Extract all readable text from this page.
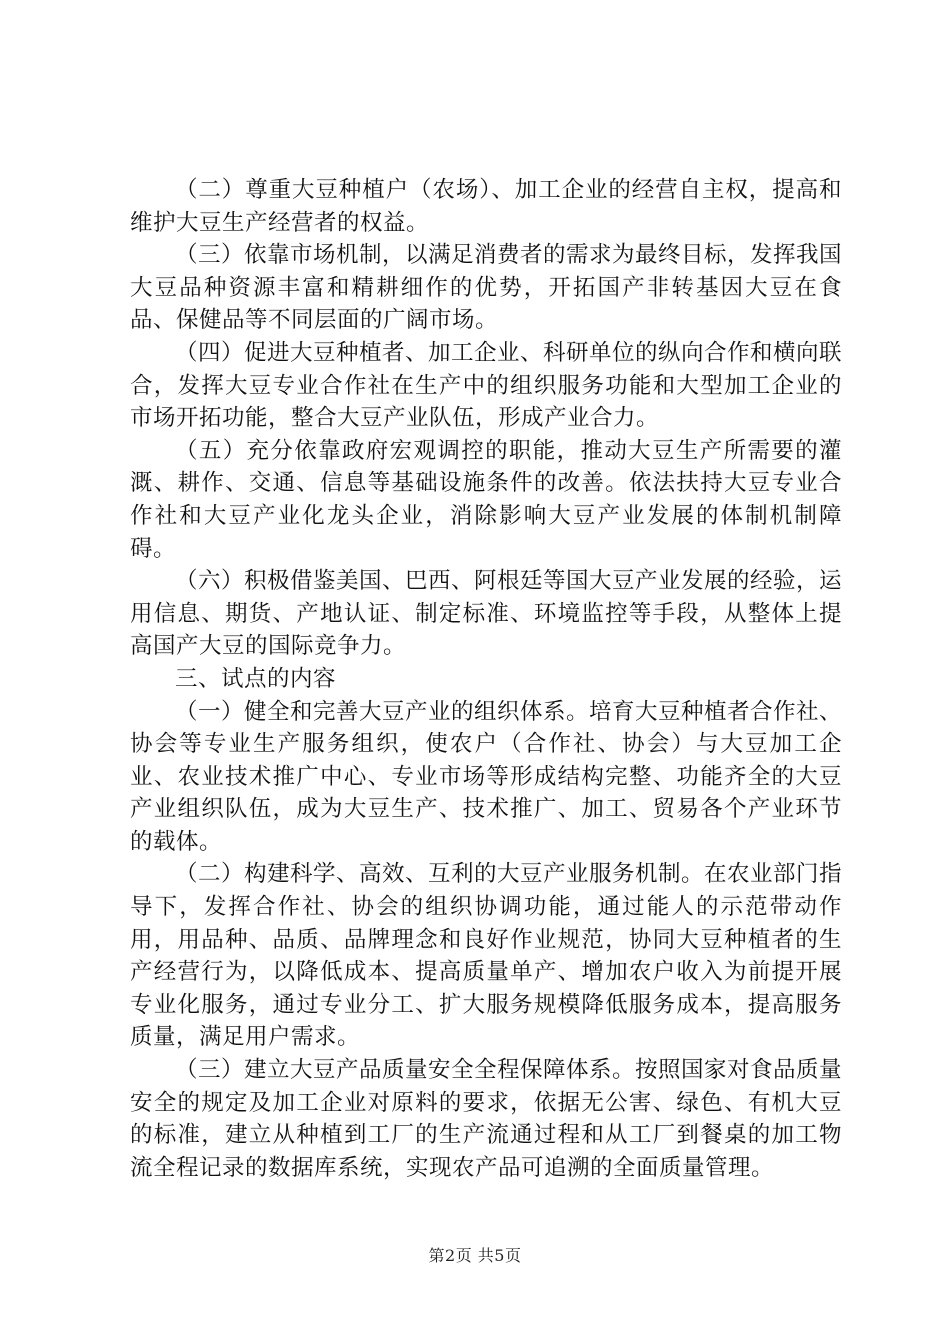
（二）尊重大豆种植户（农场）、加工企业的经营自主权，提高和维护大豆生产经营者的权益。

（三）依靠市场机制，以满足消费者的需求为最终目标，发挥我国大豆品种资源丰富和精耕细作的优势，开拓国产非转基因大豆在食品、保健品等不同层面的广阔市场。

（四）促进大豆种植者、加工企业、科研单位的纵向合作和横向联合，发挥大豆专业合作社在生产中的组织服务功能和大型加工企业的市场开拓功能，整合大豆产业队伍，形成产业合力。

（五）充分依靠政府宏观调控的职能，推动大豆生产所需要的灌溉、耕作、交通、信息等基础设施条件的改善。依法扶持大豆专业合作社和大豆产业化龙头企业，消除影响大豆产业发展的体制机制障碍。

（六）积极借鉴美国、巴西、阿根廷等国大豆产业发展的经验，运用信息、期货、产地认证、制定标准、环境监控等手段，从整体上提高国产大豆的国际竞争力。

三、试点的内容

（一）健全和完善大豆产业的组织体系。培育大豆种植者合作社、协会等专业生产服务组织，使农户（合作社、协会）与大豆加工企业、农业技术推广中心、专业市场等形成结构完整、功能齐全的大豆产业组织队伍，成为大豆生产、技术推广、加工、贸易各个产业环节的载体。

（二）构建科学、高效、互利的大豆产业服务机制。在农业部门指导下，发挥合作社、协会的组织协调功能，通过能人的示范带动作用，用品种、品质、品牌理念和良好作业规范，协同大豆种植者的生产经营行为，以降低成本、提高质量单产、增加农户收入为前提开展专业化服务，通过专业分工、扩大服务规模降低服务成本，提高服务质量，满足用户需求。

（三）建立大豆产品质量安全全程保障体系。按照国家对食品质量安全的规定及加工企业对原料的要求，依据无公害、绿色、有机大豆的标准，建立从种植到工厂的生产流通过程和从工厂到餐桌的加工物流全程记录的数据库系统，实现农产品可追溯的全面质量管理。

第2页 共5页
